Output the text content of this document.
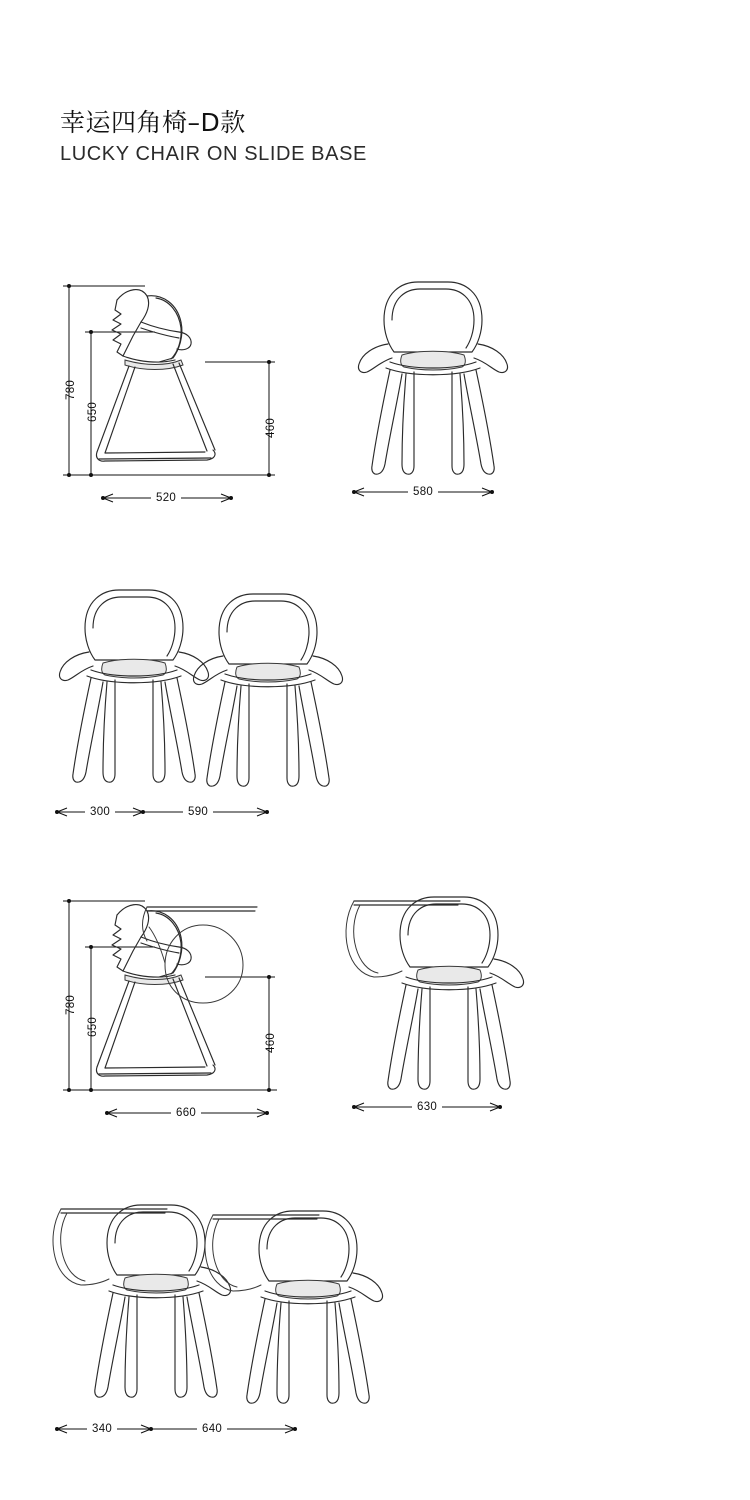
幸运四角椅–D款
LUCKY CHAIR ON SLIDE BASE
780
650
460
520	580
300	590
780
650
460
660	630
340	640
